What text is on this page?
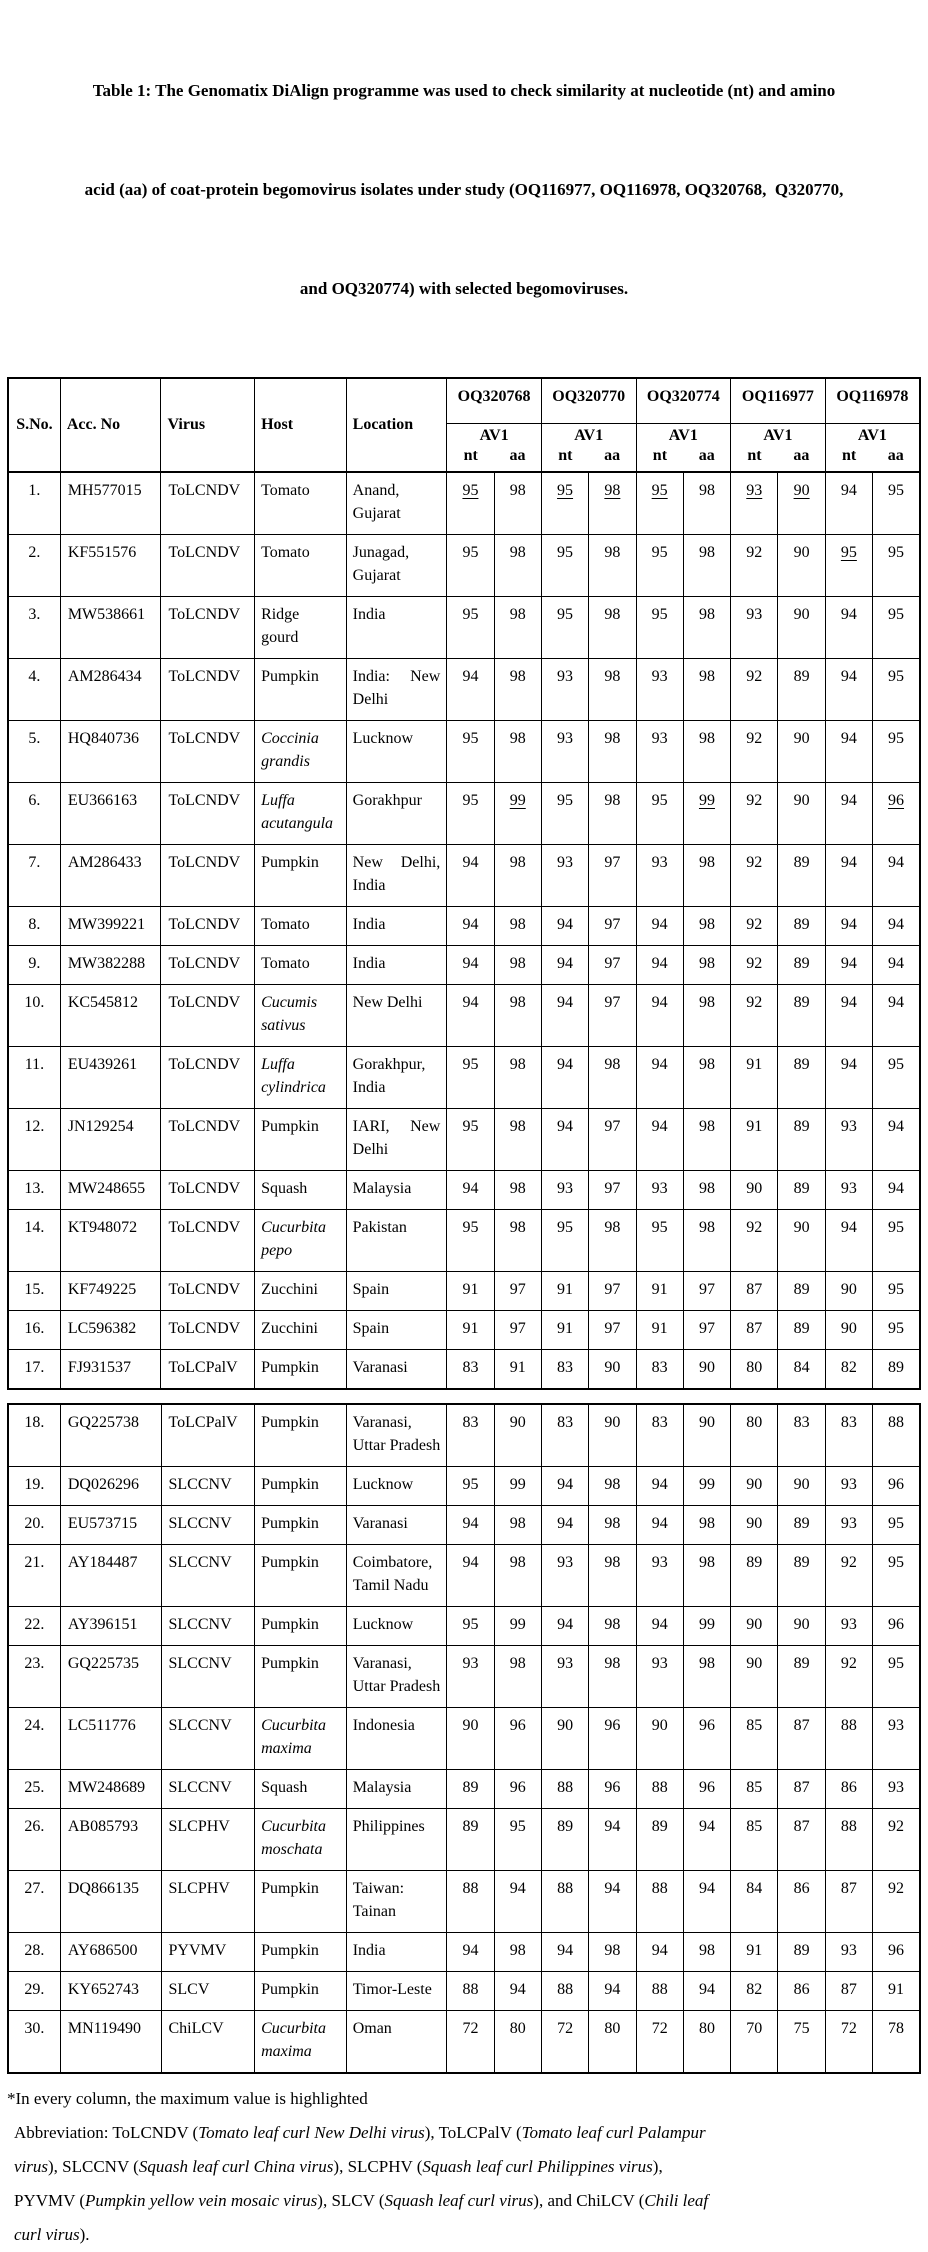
Table 1: The Genomatix DiAlign programme was used to check similarity at nucleotide (nt) and amino

acid (aa) of coat-protein begomovirus isolates under study (OQ116977, OQ116978, OQ320768,  Q320770,

and OQ320774) with selected begomoviruses.

S.No.	Acc. No	Virus	Host	Location	OQ320768		OQ320770		OQ320774		OQ116977		OQ116978	
					AV1		AV1		AV1		AV1		AV1	
					nt	aa	nt	aa	nt	aa	nt	aa	nt	aa
1.	MH577015	ToLCNDV	Tomato	Anand, Gujarat	95	98	95	98	95	98	93	90	94	95
2.	KF551576	ToLCNDV	Tomato	Junagad, Gujarat	95	98	95	98	95	98	92	90	95	95
3.	MW538661	ToLCNDV	Ridge gourd	India	95	98	95	98	95	98	93	90	94	95
4.	AM286434	ToLCNDV	Pumpkin	India: New Delhi	94	98	93	98	93	98	92	89	94	95
5.	HQ840736	ToLCNDV	Coccinia grandis	Lucknow	95	98	93	98	93	98	92	90	94	95
6.	EU366163	ToLCNDV	Luffa acutangula	Gorakhpur	95	99	95	98	95	99	92	90	94	96
7.	AM286433	ToLCNDV	Pumpkin	New Delhi, India	94	98	93	97	93	98	92	89	94	94
8.	MW399221	ToLCNDV	Tomato	India	94	98	94	97	94	98	92	89	94	94
9.	MW382288	ToLCNDV	Tomato	India	94	98	94	97	94	98	92	89	94	94
10.	KC545812	ToLCNDV	Cucumis sativus	New Delhi	94	98	94	97	94	98	92	89	94	94
11.	EU439261	ToLCNDV	Luffa cylindrica	Gorakhpur, India	95	98	94	98	94	98	91	89	94	95
12.	JN129254	ToLCNDV	Pumpkin	IARI, New Delhi	95	98	94	97	94	98	91	89	93	94
13.	MW248655	ToLCNDV	Squash	Malaysia	94	98	93	97	93	98	90	89	93	94
14.	KT948072	ToLCNDV	Cucurbita pepo	Pakistan	95	98	95	98	95	98	92	90	94	95
15.	KF749225	ToLCNDV	Zucchini	Spain	91	97	91	97	91	97	87	89	90	95
16.	LC596382	ToLCNDV	Zucchini	Spain	91	97	91	97	91	97	87	89	90	95
17.	FJ931537	ToLCPalV	Pumpkin	Varanasi	83	91	83	90	83	90	80	84	82	89
18.	GQ225738	ToLCPalV	Pumpkin	Varanasi, Uttar Pradesh	83	90	83	90	83	90	80	83	83	88
19.	DQ026296	SLCCNV	Pumpkin	Lucknow	95	99	94	98	94	99	90	90	93	96
20.	EU573715	SLCCNV	Pumpkin	Varanasi	94	98	94	98	94	98	90	89	93	95
21.	AY184487	SLCCNV	Pumpkin	Coimbatore, Tamil Nadu	94	98	93	98	93	98	89	89	92	95
22.	AY396151	SLCCNV	Pumpkin	Lucknow	95	99	94	98	94	99	90	90	93	96
23.	GQ225735	SLCCNV	Pumpkin	Varanasi, Uttar Pradesh	93	98	93	98	93	98	90	89	92	95
24.	LC511776	SLCCNV	Cucurbita maxima	Indonesia	90	96	90	96	90	96	85	87	88	93
25.	MW248689	SLCCNV	Squash	Malaysia	89	96	88	96	88	96	85	87	86	93
26.	AB085793	SLCPHV	Cucurbita moschata	Philippines	89	95	89	94	89	94	85	87	88	92
27.	DQ866135	SLCPHV	Pumpkin	Taiwan: Tainan	88	94	88	94	88	94	84	86	87	92
28.	AY686500	PYVMV	Pumpkin	India	94	98	94	98	94	98	91	89	93	96
29.	KY652743	SLCV	Pumpkin	Timor-Leste	88	94	88	94	88	94	82	86	87	91
30.	MN119490	ChiLCV	Cucurbita maxima	Oman	72	80	72	80	72	80	70	75	72	78

*In every column, the maximum value is highlighted

Abbreviation: ToLCNDV (Tomato leaf curl New Delhi virus), ToLCPalV (Tomato leaf curl Palampur virus), SLCCNV (Squash leaf curl China virus), SLCPHV (Squash leaf curl Philippines virus), PYVMV (Pumpkin yellow vein mosaic virus), SLCV (Squash leaf curl virus), and ChiLCV (Chili leaf curl virus).
